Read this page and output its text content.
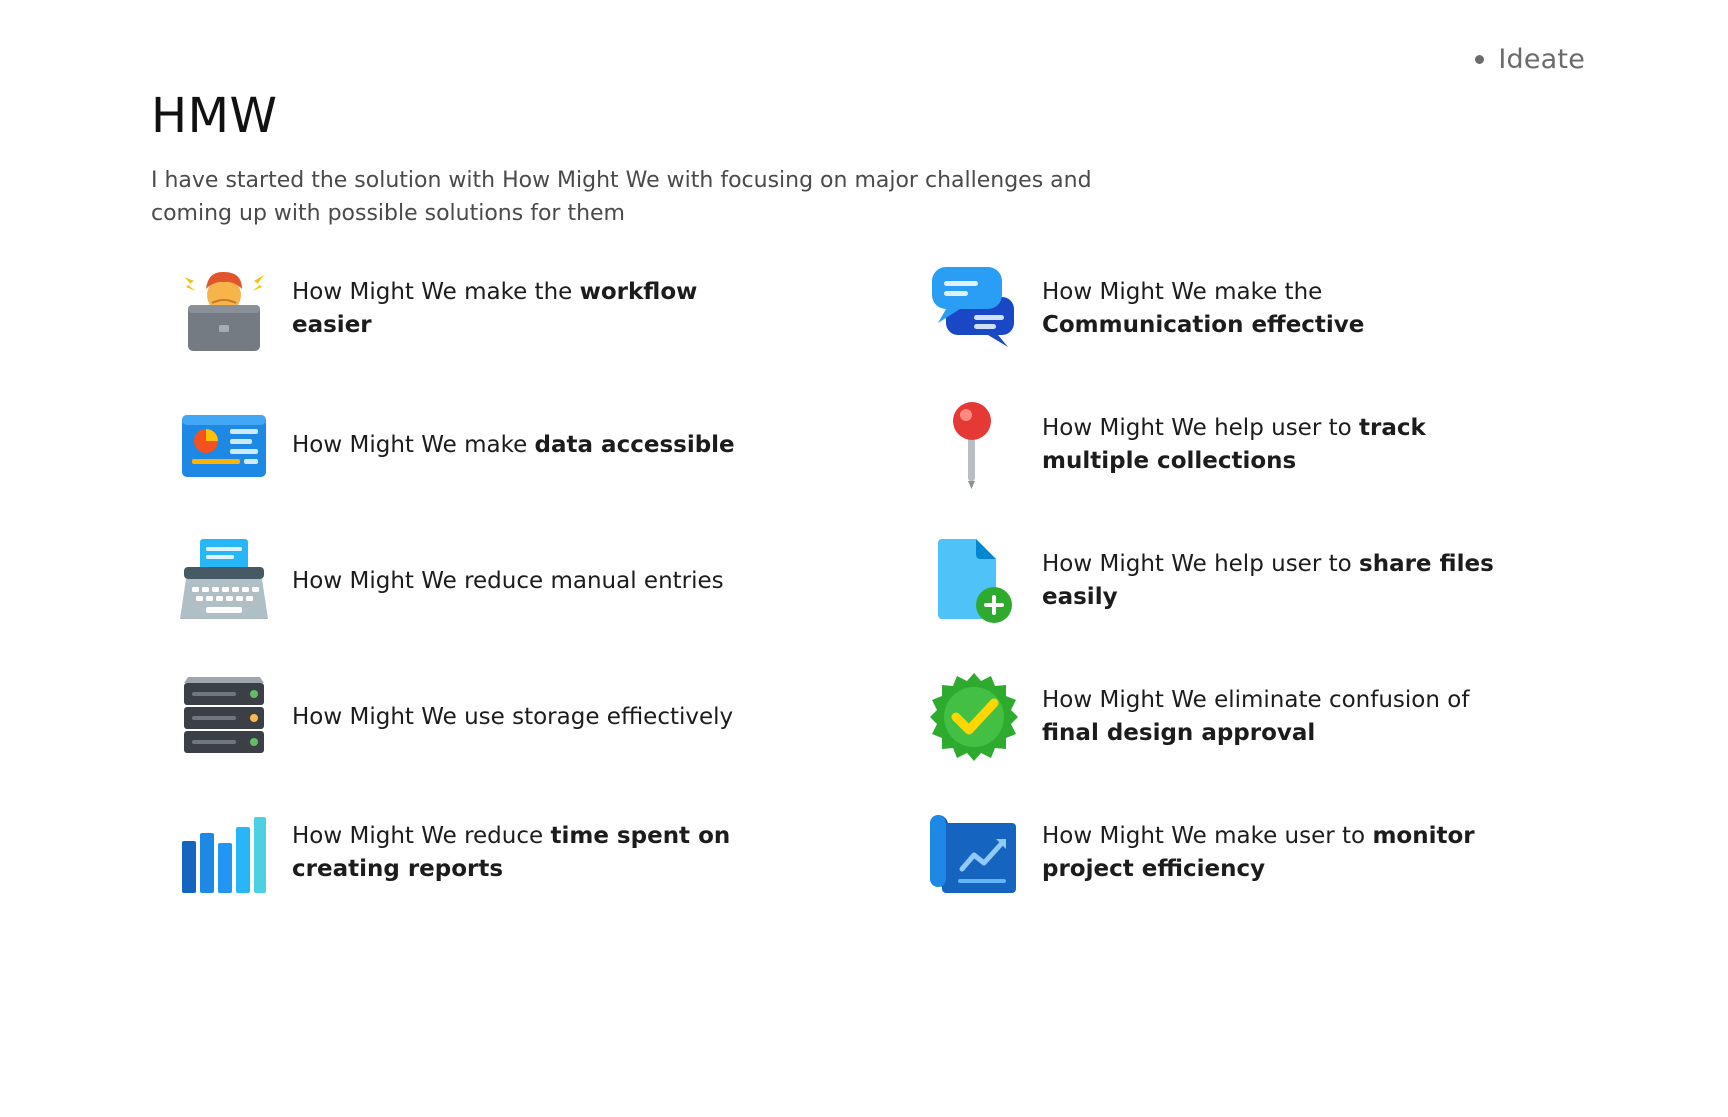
Ideate
HMW

I have started the solution with How Might We with focusing on major challenges and coming up with possible solutions for them

How Might We make the workflow easier
How Might We make the Communication effective
How Might We make data accessible
How Might We help user to track multiple collections
How Might We reduce manual entries
How Might We help user to share files easily
How Might We use storage effiectively
How Might We eliminate confusion of final design approval
How Might We reduce time spent on creating reports
How Might We make user to monitor project efficiency
